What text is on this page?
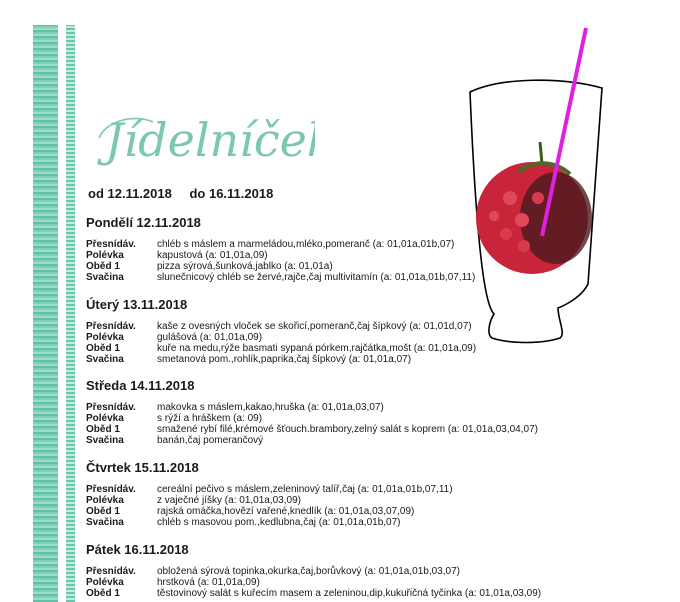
Jídelníček
od 12.11.2018 do 16.11.2018
Pondělí 12.11.2018
Přesnídáv.	chléb s máslem a marmeládou,mléko,pomeranč (a: 01,01a,01b,07)
Polévka	kapustová (a: 01,01a,09)
Oběd 1	pizza sýrová,šunková,jablko (a: 01,01a)
Svačina	slunečnicový chléb se žervé,rajče,čaj multivitamín (a: 01,01a,01b,07,11)
Úterý 13.11.2018
Přesnídáv.	kaše z ovesných vloček se skořicí,pomeranč,čaj šípkový (a: 01,01d,07)
Polévka	gulášová (a: 01,01a,09)
Oběd 1	kuře na medu,rýže basmati sypaná pórkem,rajčátka,mošt (a: 01,01a,09)
Svačina	smetanová pom.,rohlík,paprika,čaj šípkový (a: 01,01a,07)
Středa 14.11.2018
Přesnídáv.	makovka s máslem,kakao,hruška (a: 01,01a,03,07)
Polévka	s rýží a hráškem (a: 09)
Oběd 1	smažené rybí filé,krémové šťouch.brambory,zelný salát s koprem (a: 01,01a,03,04,07)
Svačina	banán,čaj pomerančový
Čtvrtek 15.11.2018
Přesnídáv.	cereální pečivo s máslem,zeleninový talíř,čaj (a: 01,01a,01b,07,11)
Polévka	z vaječné jíšky (a: 01,01a,03,09)
Oběd 1	rajská omáčka,hovězí vařené,knedlík (a: 01,01a,03,07,09)
Svačina	chléb s masovou pom.,kedlubna,čaj (a: 01,01a,01b,07)
Pátek 16.11.2018
Přesnídáv.	obložená sýrová topinka,okurka,čaj,borůvkový (a: 01,01a,01b,03,07)
Polévka	hrstková (a: 01,01a,09)
Oběd 1	těstovinový salát s kuřecím masem a zeleninou,dip,kukuřičná tyčinka (a: 01,01a,03,09)
